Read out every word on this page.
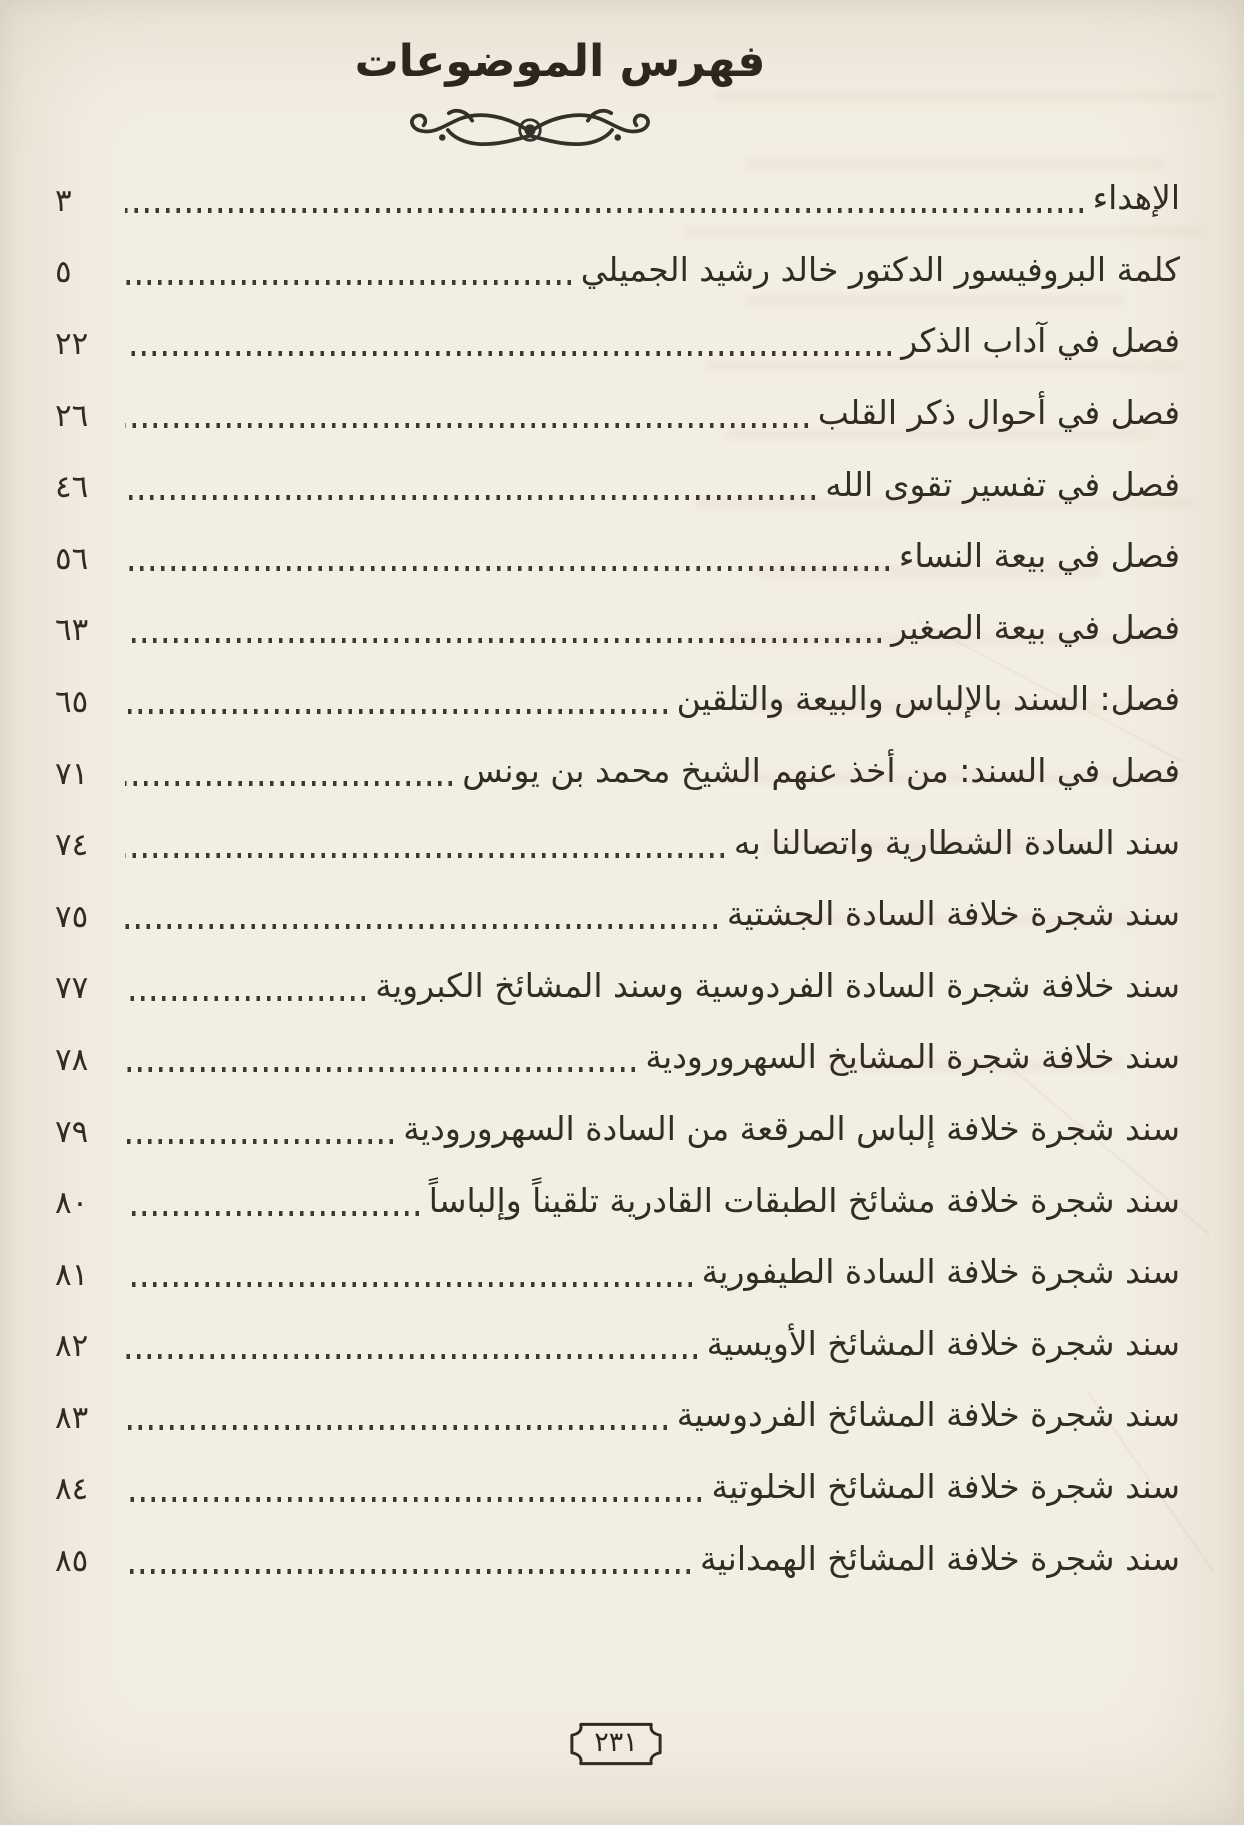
فهرس الموضوعات
الإهداء
٣
كلمة البروفيسور الدكتور خالد رشيد الجميلي
٥
فصل في آداب الذكر
٢٢
فصل في أحوال ذكر القلب
٢٦
فصل في تفسير تقوى الله
٤٦
فصل في بيعة النساء
٥٦
فصل في بيعة الصغير
٦٣
فصل: السند بالإلباس والبيعة والتلقين
٦٥
فصل في السند: من أخذ عنهم الشيخ محمد بن يونس
٧١
سند السادة الشطارية واتصالنا به
٧٤
سند شجرة خلافة السادة الجشتية
٧٥
سند خلافة شجرة السادة الفردوسية وسند المشائخ الكبروية
٧٧
سند خلافة شجرة المشايخ السهرورودية
٧٨
سند شجرة خلافة إلباس المرقعة من السادة السهرورودية
٧٩
سند شجرة خلافة مشائخ الطبقات القادرية تلقيناً وإلباساً
٨٠
سند شجرة خلافة السادة الطيفورية
٨١
سند شجرة خلافة المشائخ الأويسية
٨٢
سند شجرة خلافة المشائخ الفردوسية
٨٣
سند شجرة خلافة المشائخ الخلوتية
٨٤
سند شجرة خلافة المشائخ الهمدانية
٨٥
٢٣١
